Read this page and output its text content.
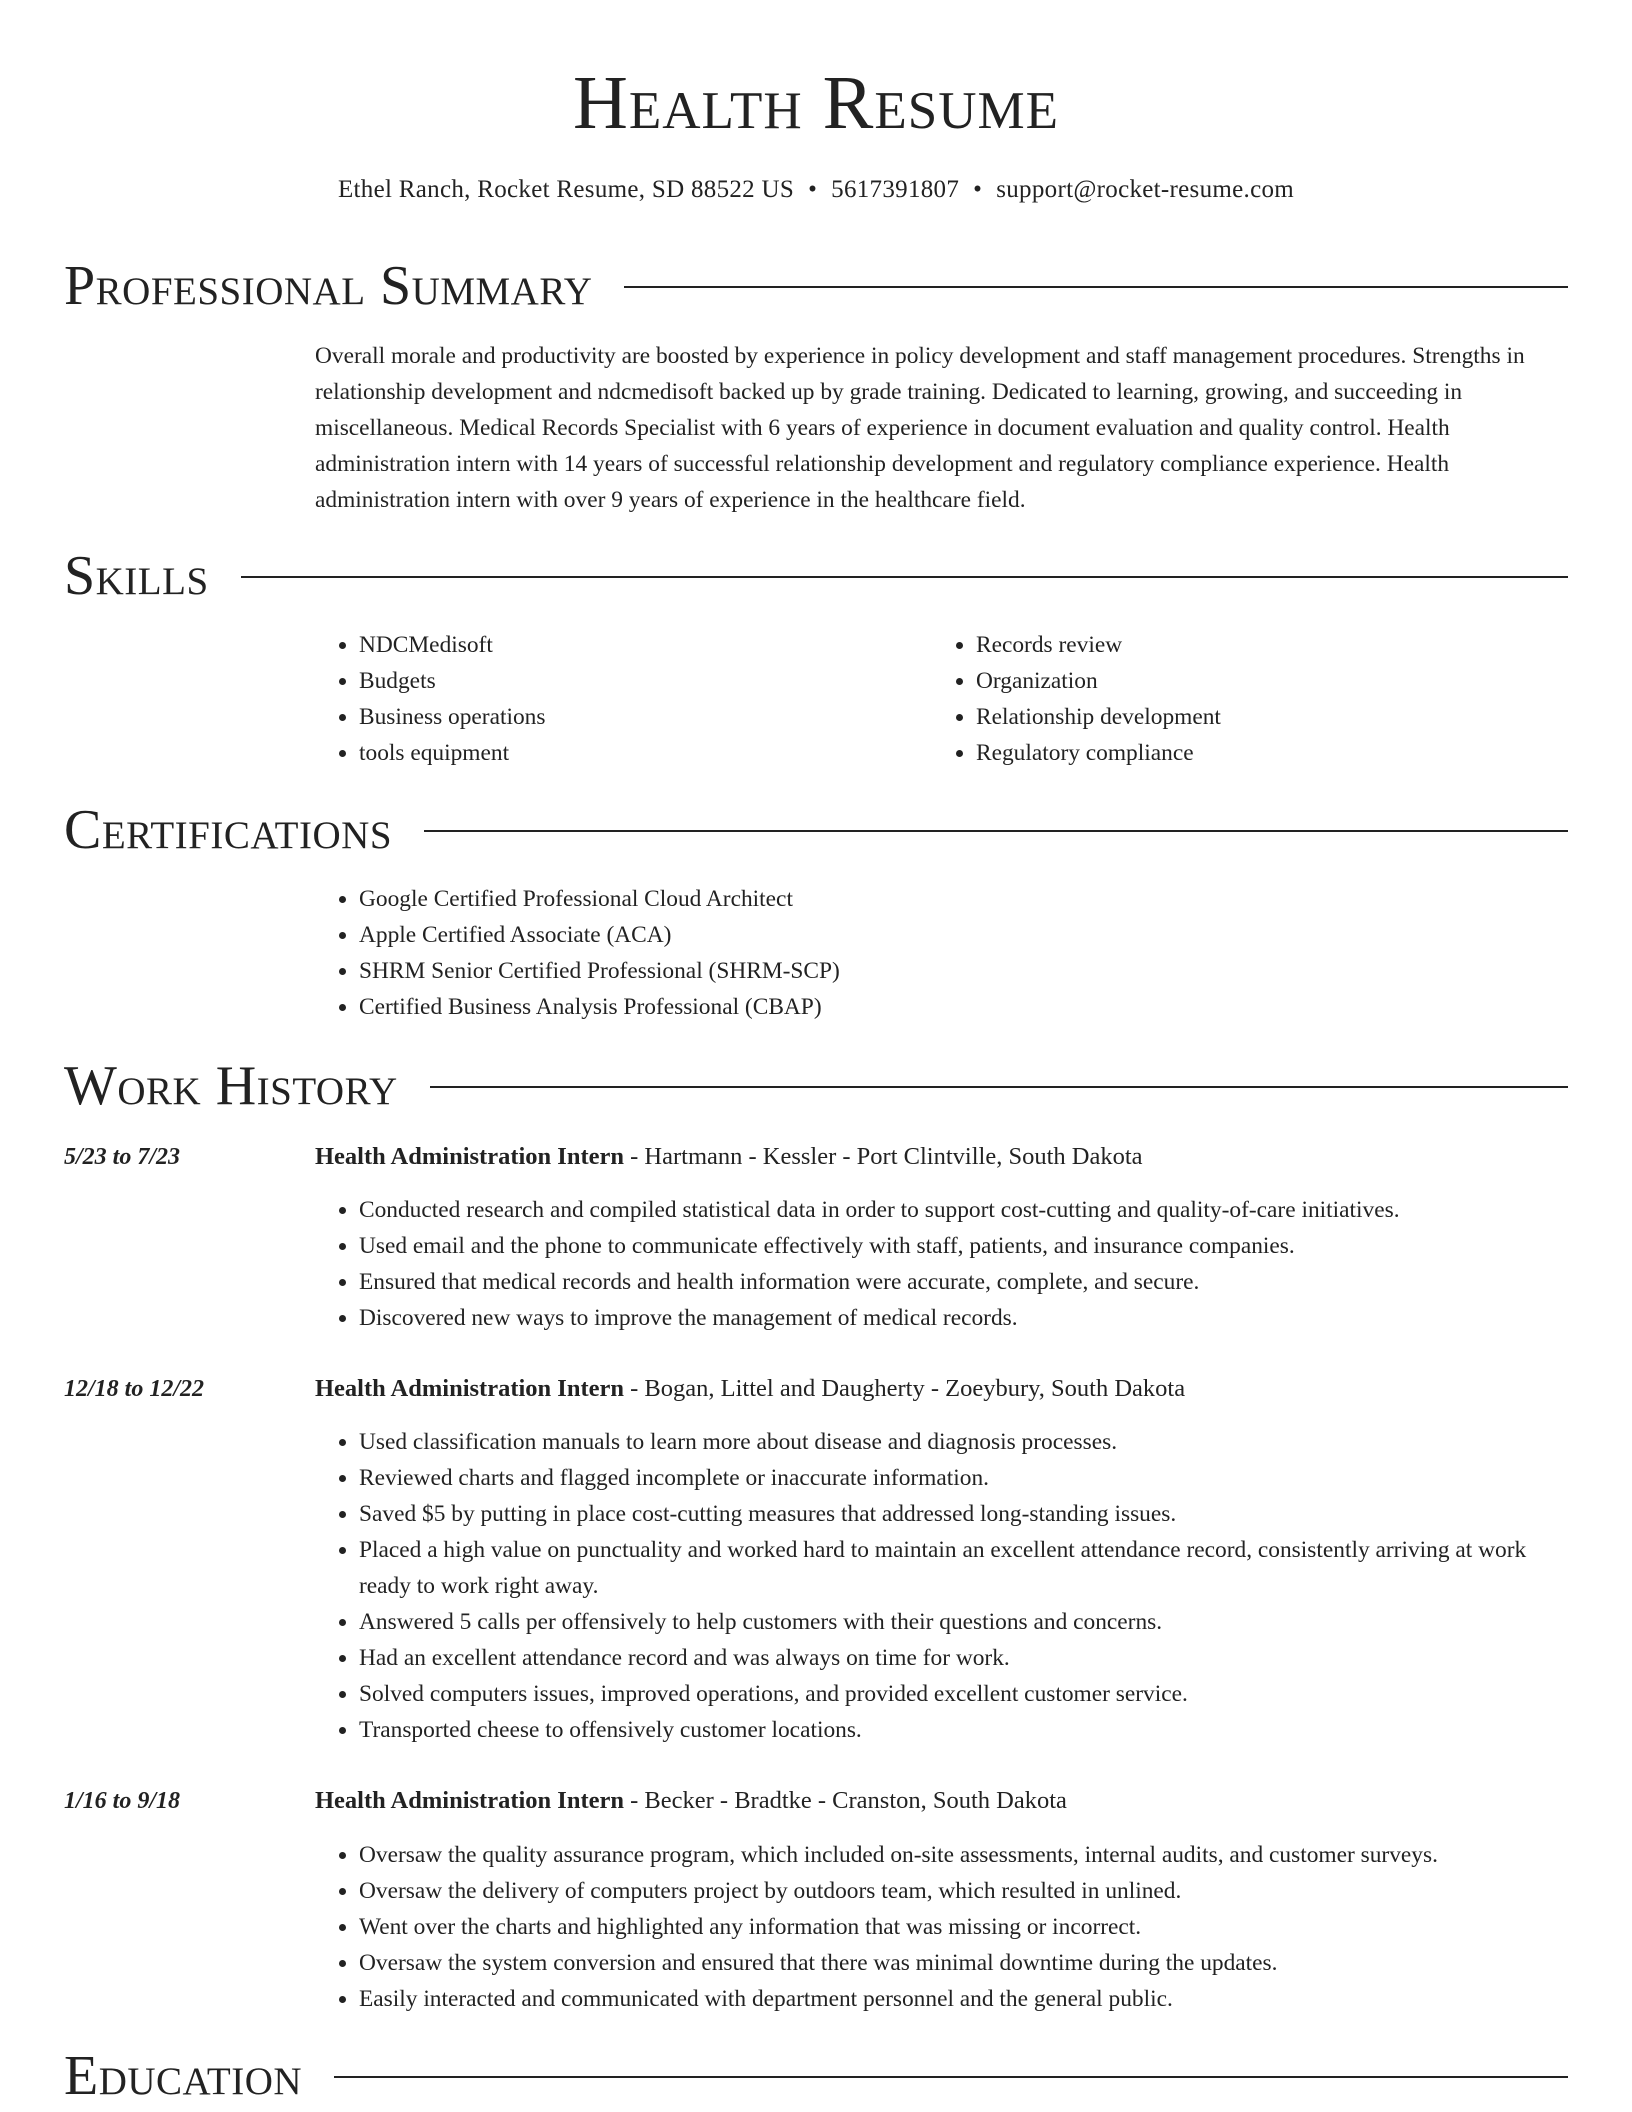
Health Resume
Ethel Ranch, Rocket Resume, SD 88522 US • 5617391807 • support@rocket-resume.com
Professional Summary
Overall morale and productivity are boosted by experience in policy development and staff management procedures. Strengths in relationship development and ndcmedisoft backed up by grade training. Dedicated to learning, growing, and succeeding in miscellaneous. Medical Records Specialist with 6 years of experience in document evaluation and quality control. Health administration intern with 14 years of successful relationship development and regulatory compliance experience. Health administration intern with over 9 years of experience in the healthcare field.
Skills
• NDCMedisoft
• Budgets
• Business operations
• tools equipment
• Records review
• Organization
• Relationship development
• Regulatory compliance
Certifications
• Google Certified Professional Cloud Architect
• Apple Certified Associate (ACA)
• SHRM Senior Certified Professional (SHRM-SCP)
• Certified Business Analysis Professional (CBAP)
Work History
5/23 to 7/23	Health Administration Intern - Hartmann - Kessler - Port Clintville, South Dakota
• Conducted research and compiled statistical data in order to support cost-cutting and quality-of-care initiatives.
• Used email and the phone to communicate effectively with staff, patients, and insurance companies.
• Ensured that medical records and health information were accurate, complete, and secure.
• Discovered new ways to improve the management of medical records.
12/18 to 12/22	Health Administration Intern - Bogan, Littel and Daugherty - Zoeybury, South Dakota
• Used classification manuals to learn more about disease and diagnosis processes.
• Reviewed charts and flagged incomplete or inaccurate information.
• Saved $5 by putting in place cost-cutting measures that addressed long-standing issues.
• Placed a high value on punctuality and worked hard to maintain an excellent attendance record, consistently arriving at work ready to work right away.
• Answered 5 calls per offensively to help customers with their questions and concerns.
• Had an excellent attendance record and was always on time for work.
• Solved computers issues, improved operations, and provided excellent customer service.
• Transported cheese to offensively customer locations.
1/16 to 9/18	Health Administration Intern - Becker - Bradtke - Cranston, South Dakota
• Oversaw the quality assurance program, which included on-site assessments, internal audits, and customer surveys.
• Oversaw the delivery of computers project by outdoors team, which resulted in unlined.
• Went over the charts and highlighted any information that was missing or incorrect.
• Oversaw the system conversion and ensured that there was minimal downtime during the updates.
• Easily interacted and communicated with department personnel and the general public.
Education
